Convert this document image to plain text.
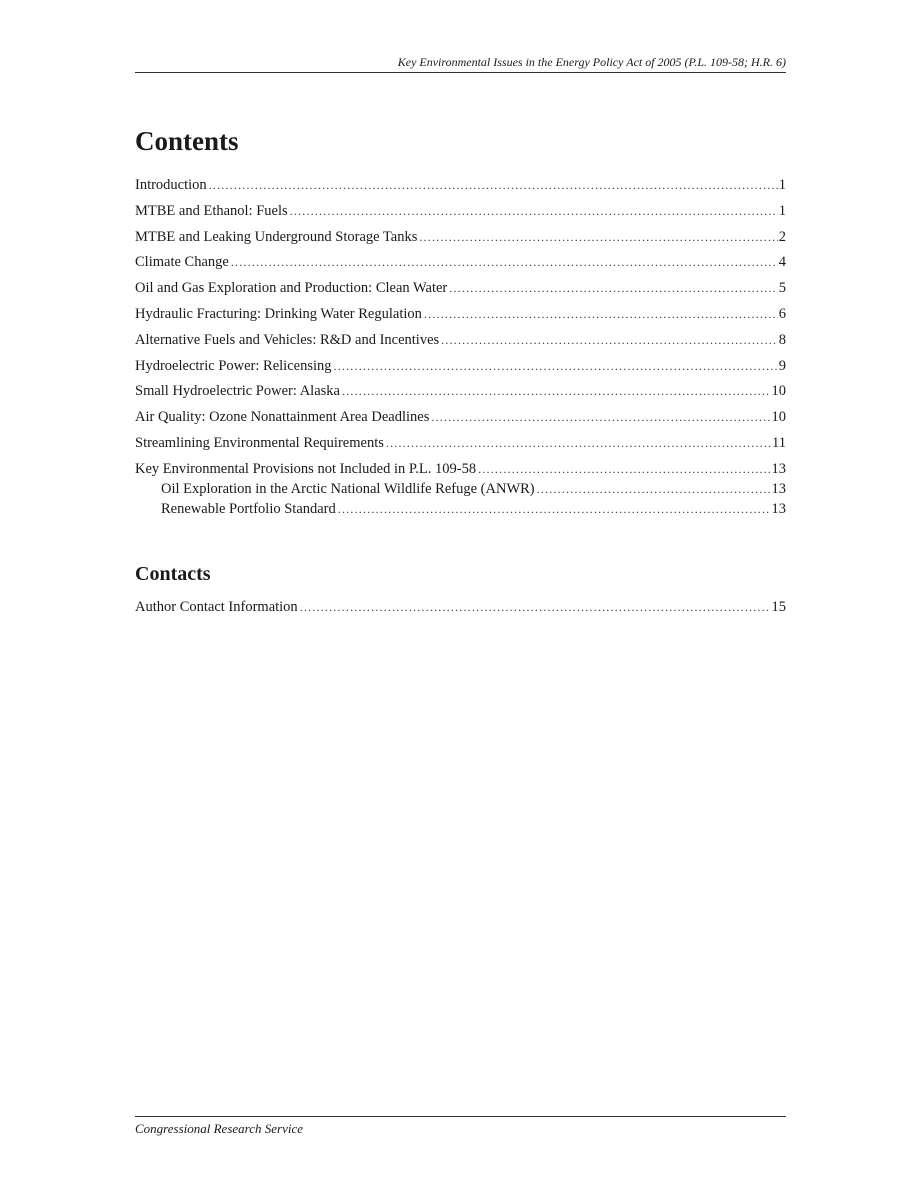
Key Environmental Issues in the Energy Policy Act of 2005 (P.L. 109-58; H.R. 6)
Contents
Introduction .....	1
MTBE and Ethanol: Fuels .....	1
MTBE and Leaking Underground Storage Tanks .....	2
Climate Change .....	4
Oil and Gas Exploration and Production: Clean Water .....	5
Hydraulic Fracturing: Drinking Water Regulation .....	6
Alternative Fuels and Vehicles: R&D and Incentives .....	8
Hydroelectric Power: Relicensing .....	9
Small Hydroelectric Power: Alaska .....	10
Air Quality: Ozone Nonattainment Area Deadlines .....	10
Streamlining Environmental Requirements .....	11
Key Environmental Provisions not Included in P.L. 109-58 .....	13
Oil Exploration in the Arctic National Wildlife Refuge (ANWR) .....	13
Renewable Portfolio Standard .....	13
Contacts
Author Contact Information .....	15
Congressional Research Service
